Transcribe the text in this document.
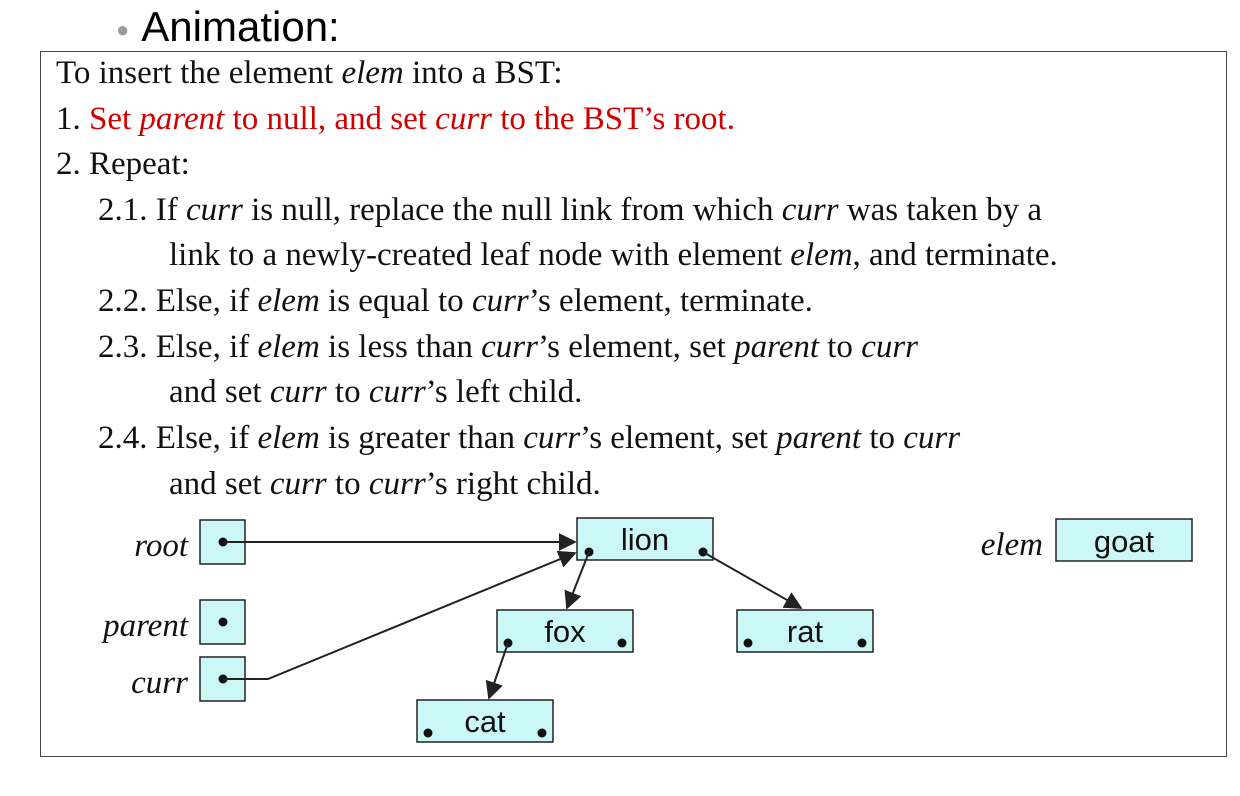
● Animation:
To insert the element elem into a BST:
1. Set parent to null, and set curr to the BST’s root.
2. Repeat:
2.1. If curr is null, replace the null link from which curr was taken by a
link to a newly-created leaf node with element elem, and terminate.
2.2. Else, if elem is equal to curr’s element, terminate.
2.3. Else, if elem is less than curr’s element, set parent to curr
and set curr to curr’s left child.
2.4. Else, if elem is greater than curr’s element, set parent to curr
and set curr to curr’s right child.
root
parent
curr
elem goat
lion
fox	rat
cat
